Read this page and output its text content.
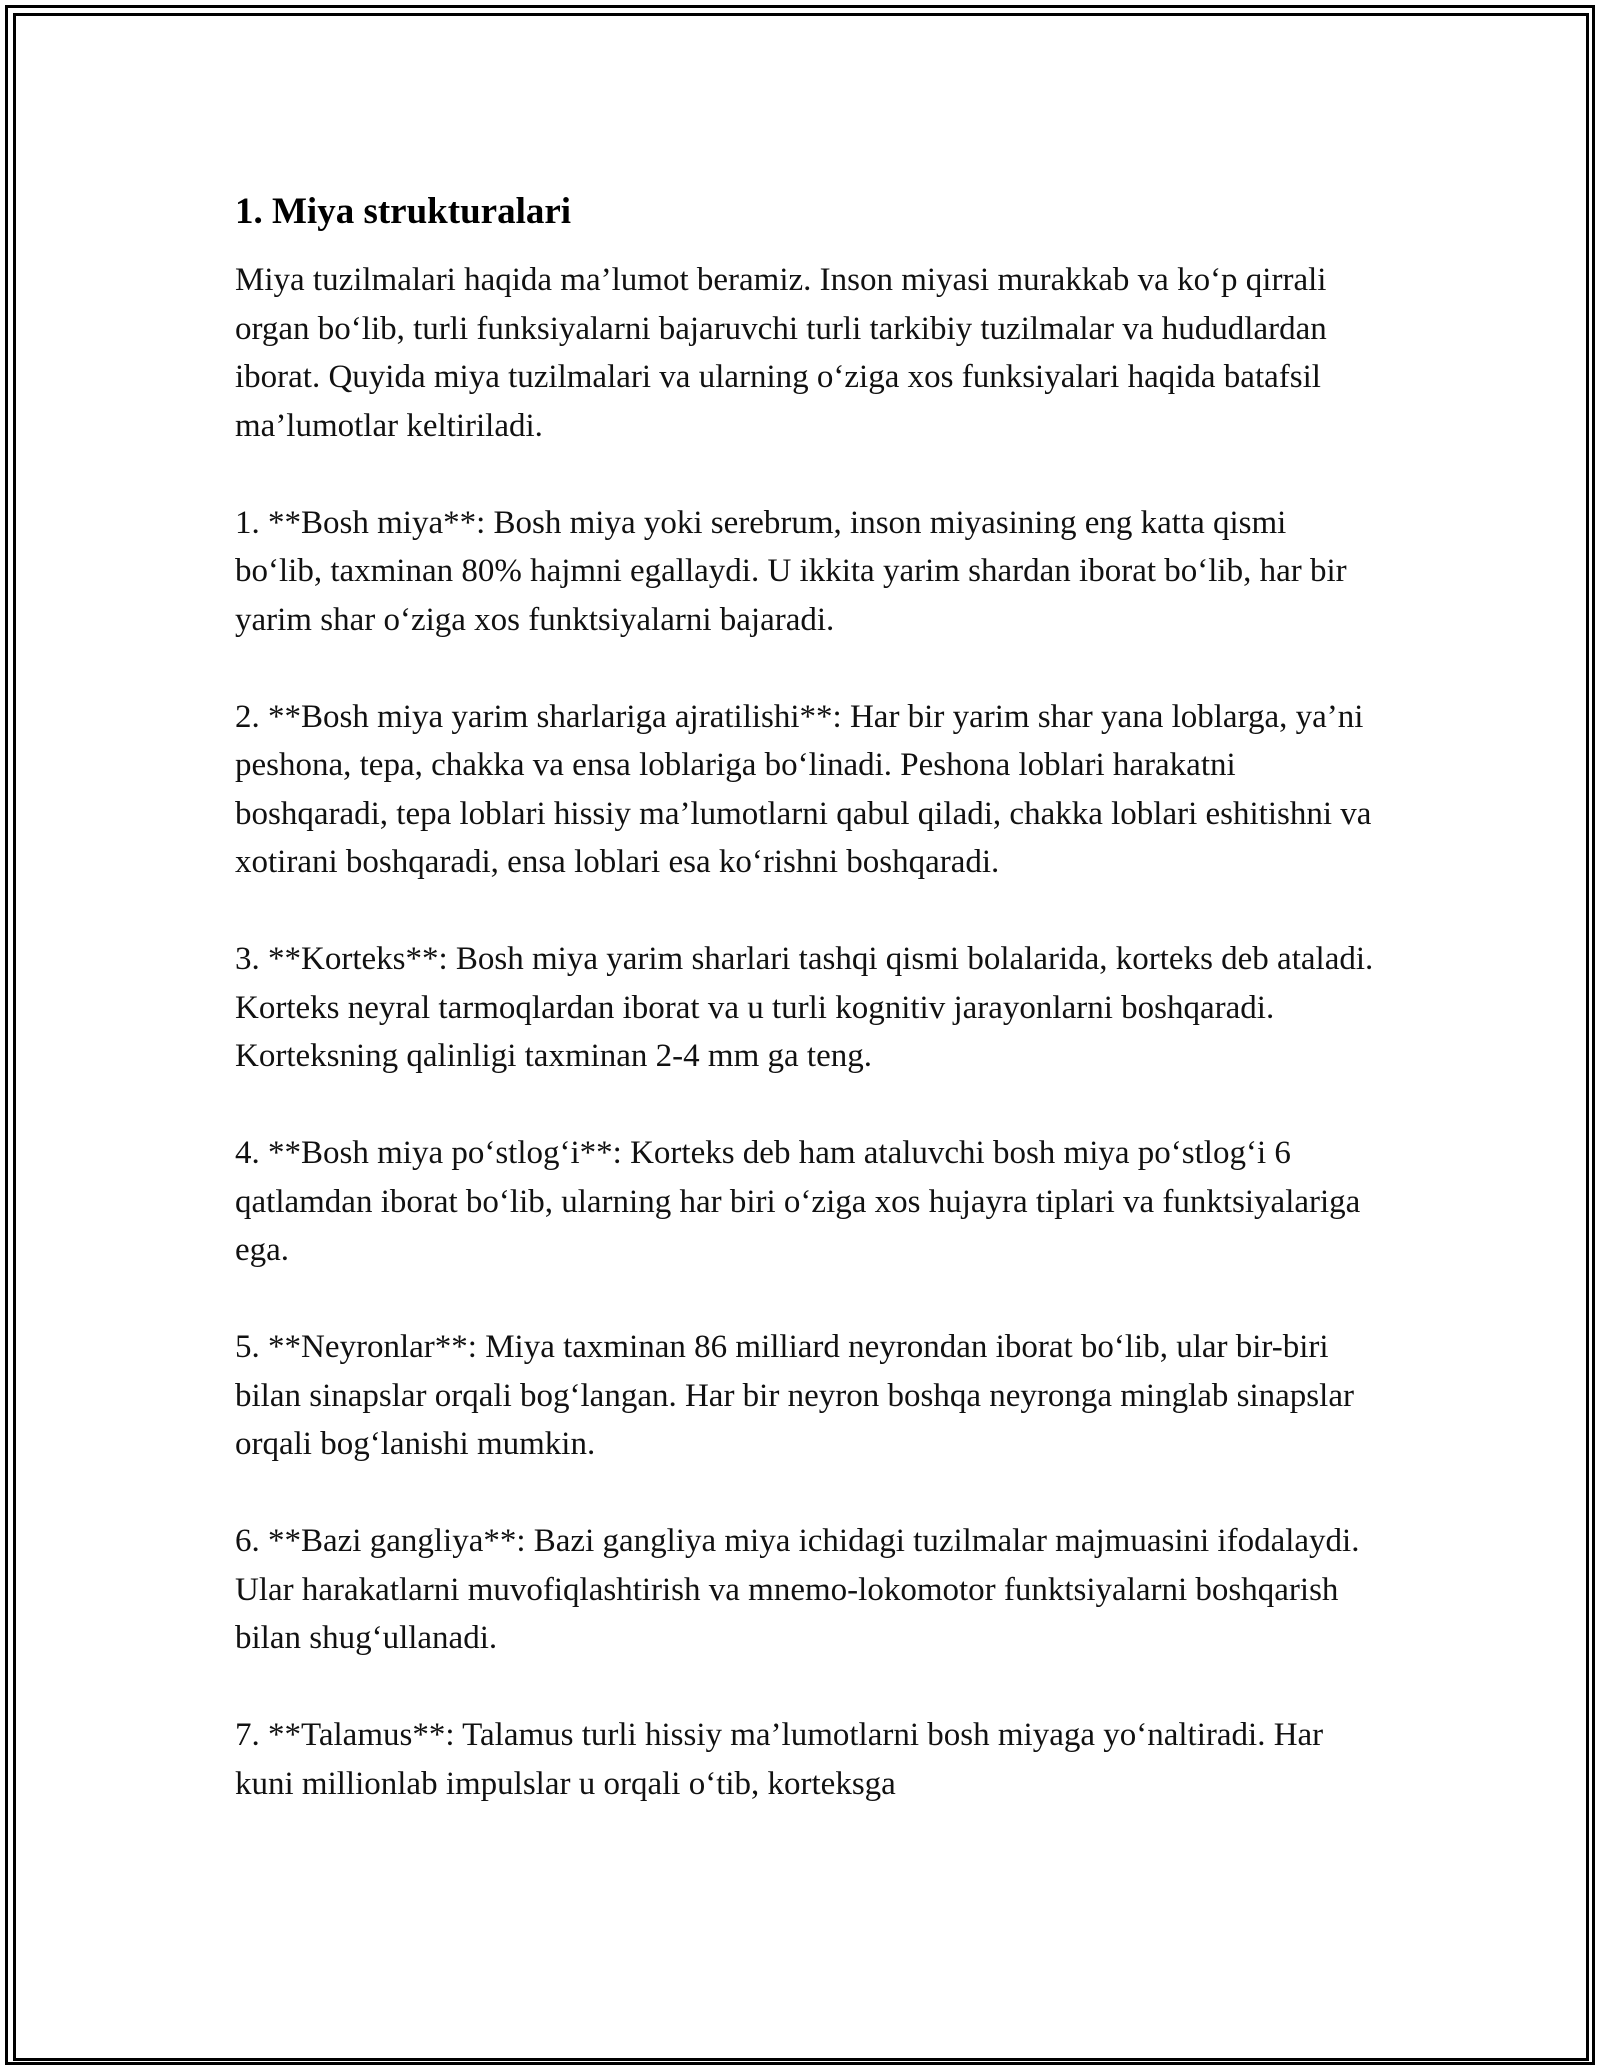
1. Miya strukturalari

Miya tuzilmalari haqida ma’lumot beramiz. Inson miyasi murakkab va ko‘p qirrali organ bo‘lib, turli funksiyalarni bajaruvchi turli tarkibiy tuzilmalar va hududlardan iborat. Quyida miya tuzilmalari va ularning o‘ziga xos funksiyalari haqida batafsil ma’lumotlar keltiriladi.

1. **Bosh miya**: Bosh miya yoki serebrum, inson miyasining eng katta qismi bo‘lib, taxminan 80% hajmni egallaydi. U ikkita yarim shardan iborat bo‘lib, har bir yarim shar o‘ziga xos funktsiyalarni bajaradi.

2. **Bosh miya yarim sharlariga ajratilishi**: Har bir yarim shar yana loblarga, ya’ni peshona, tepa, chakka va ensa loblariga bo‘linadi. Peshona loblari harakatni boshqaradi, tepa loblari hissiy ma’lumotlarni qabul qiladi, chakka loblari eshitishni va xotirani boshqaradi, ensa loblari esa ko‘rishni boshqaradi.

3. **Korteks**: Bosh miya yarim sharlari tashqi qismi bolalarida, korteks deb ataladi. Korteks neyral tarmoqlardan iborat va u turli kognitiv jarayonlarni boshqaradi. Korteksning qalinligi taxminan 2-4 mm ga teng.

4. **Bosh miya po‘stlog‘i**: Korteks deb ham ataluvchi bosh miya po‘stlog‘i 6 qatlamdan iborat bo‘lib, ularning har biri o‘ziga xos hujayra tiplari va funktsiyalariga ega.

5. **Neyronlar**: Miya taxminan 86 milliard neyrondan iborat bo‘lib, ular bir-biri bilan sinapslar orqali bog‘langan. Har bir neyron boshqa neyronga minglab sinapslar orqali bog‘lanishi mumkin.

6. **Bazi gangliya**: Bazi gangliya miya ichidagi tuzilmalar majmuasini ifodalaydi. Ular harakatlarni muvofiqlashtirish va mnemo-lokomotor funktsiyalarni boshqarish bilan shug‘ullanadi.

7. **Talamus**: Talamus turli hissiy ma’lumotlarni bosh miyaga yo‘naltiradi. Har kuni millionlab impulslar u orqali o‘tib, korteksga
